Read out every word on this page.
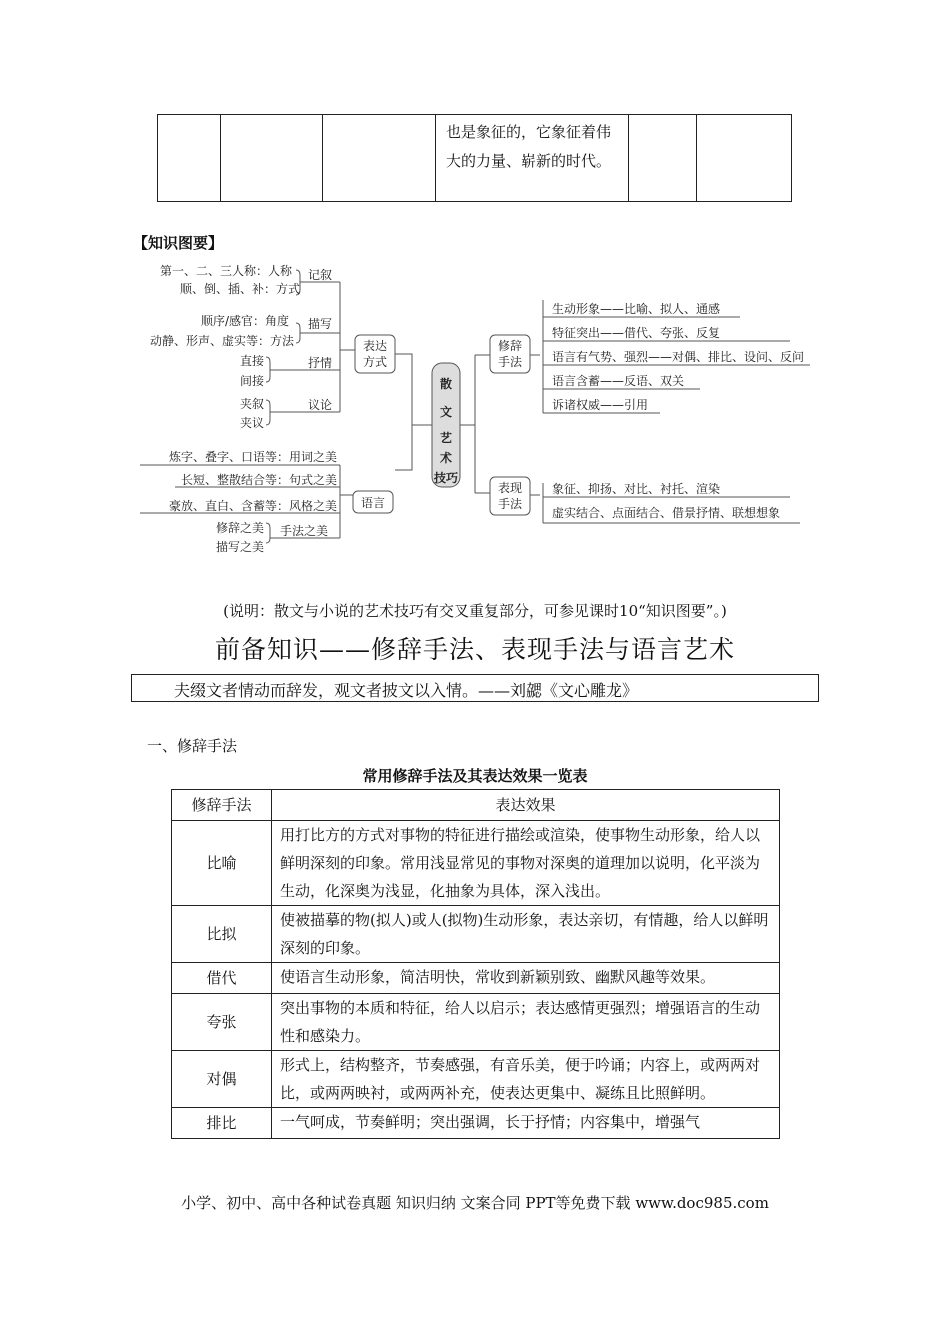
也是象征的，它象征着伟大的力量、崭新的时代。

【知识图要】
第一、二、三人称：人称
顺、倒、插、补：方式
记叙
顺序/感官：角度
动静、形声、虚实等：方法
描写
直接
间接
抒情
夹叙
夹议
议论
表达
方式
炼字、叠字、口语等：用词之美
长短、整散结合等：句式之美
豪放、直白、含蓄等：风格之美 语言
修辞之美
描写之美
手法之美
散
文
艺
术
技巧
修辞
手法
表现
手法
生动形象——比喻、拟人、通感
特征突出——借代、夸张、反复
语言有气势、强烈——对偶、排比、设问、反问
语言含蓄——反语、双关
诉诸权威——引用
象征、抑扬、对比、衬托、渲染
虚实结合、点面结合、借景抒情、联想想象
(说明：散文与小说的艺术技巧有交叉重复部分，可参见课时10“知识图要”。)
前备知识——修辞手法、表现手法与语言艺术
夫缀文者情动而辞发，观文者披文以入情。——刘勰《文心雕龙》
一、修辞手法
常用修辞手法及其表达效果一览表
修辞手法	表达效果
比喻	用打比方的方式对事物的特征进行描绘或渲染，使事物生动形象，给人以鲜明深刻的印象。常用浅显常见的事物对深奥的道理加以说明，化平淡为生动，化深奥为浅显，化抽象为具体，深入浅出。
比拟	使被描摹的物(拟人)或人(拟物)生动形象，表达亲切，有情趣，给人以鲜明深刻的印象。
借代	使语言生动形象，简洁明快，常收到新颖别致、幽默风趣等效果。
夸张	突出事物的本质和特征，给人以启示；表达感情更强烈；增强语言的生动性和感染力。
对偶	形式上，结构整齐，节奏感强，有音乐美，便于吟诵；内容上，或两两对比，或两两映衬，或两两补充，使表达更集中、凝练且比照鲜明。
排比	一气呵成，节奏鲜明；突出强调，长于抒情；内容集中，增强气
小学、初中、高中各种试卷真题 知识归纳 文案合同 PPT等免费下载 www.doc985.com
